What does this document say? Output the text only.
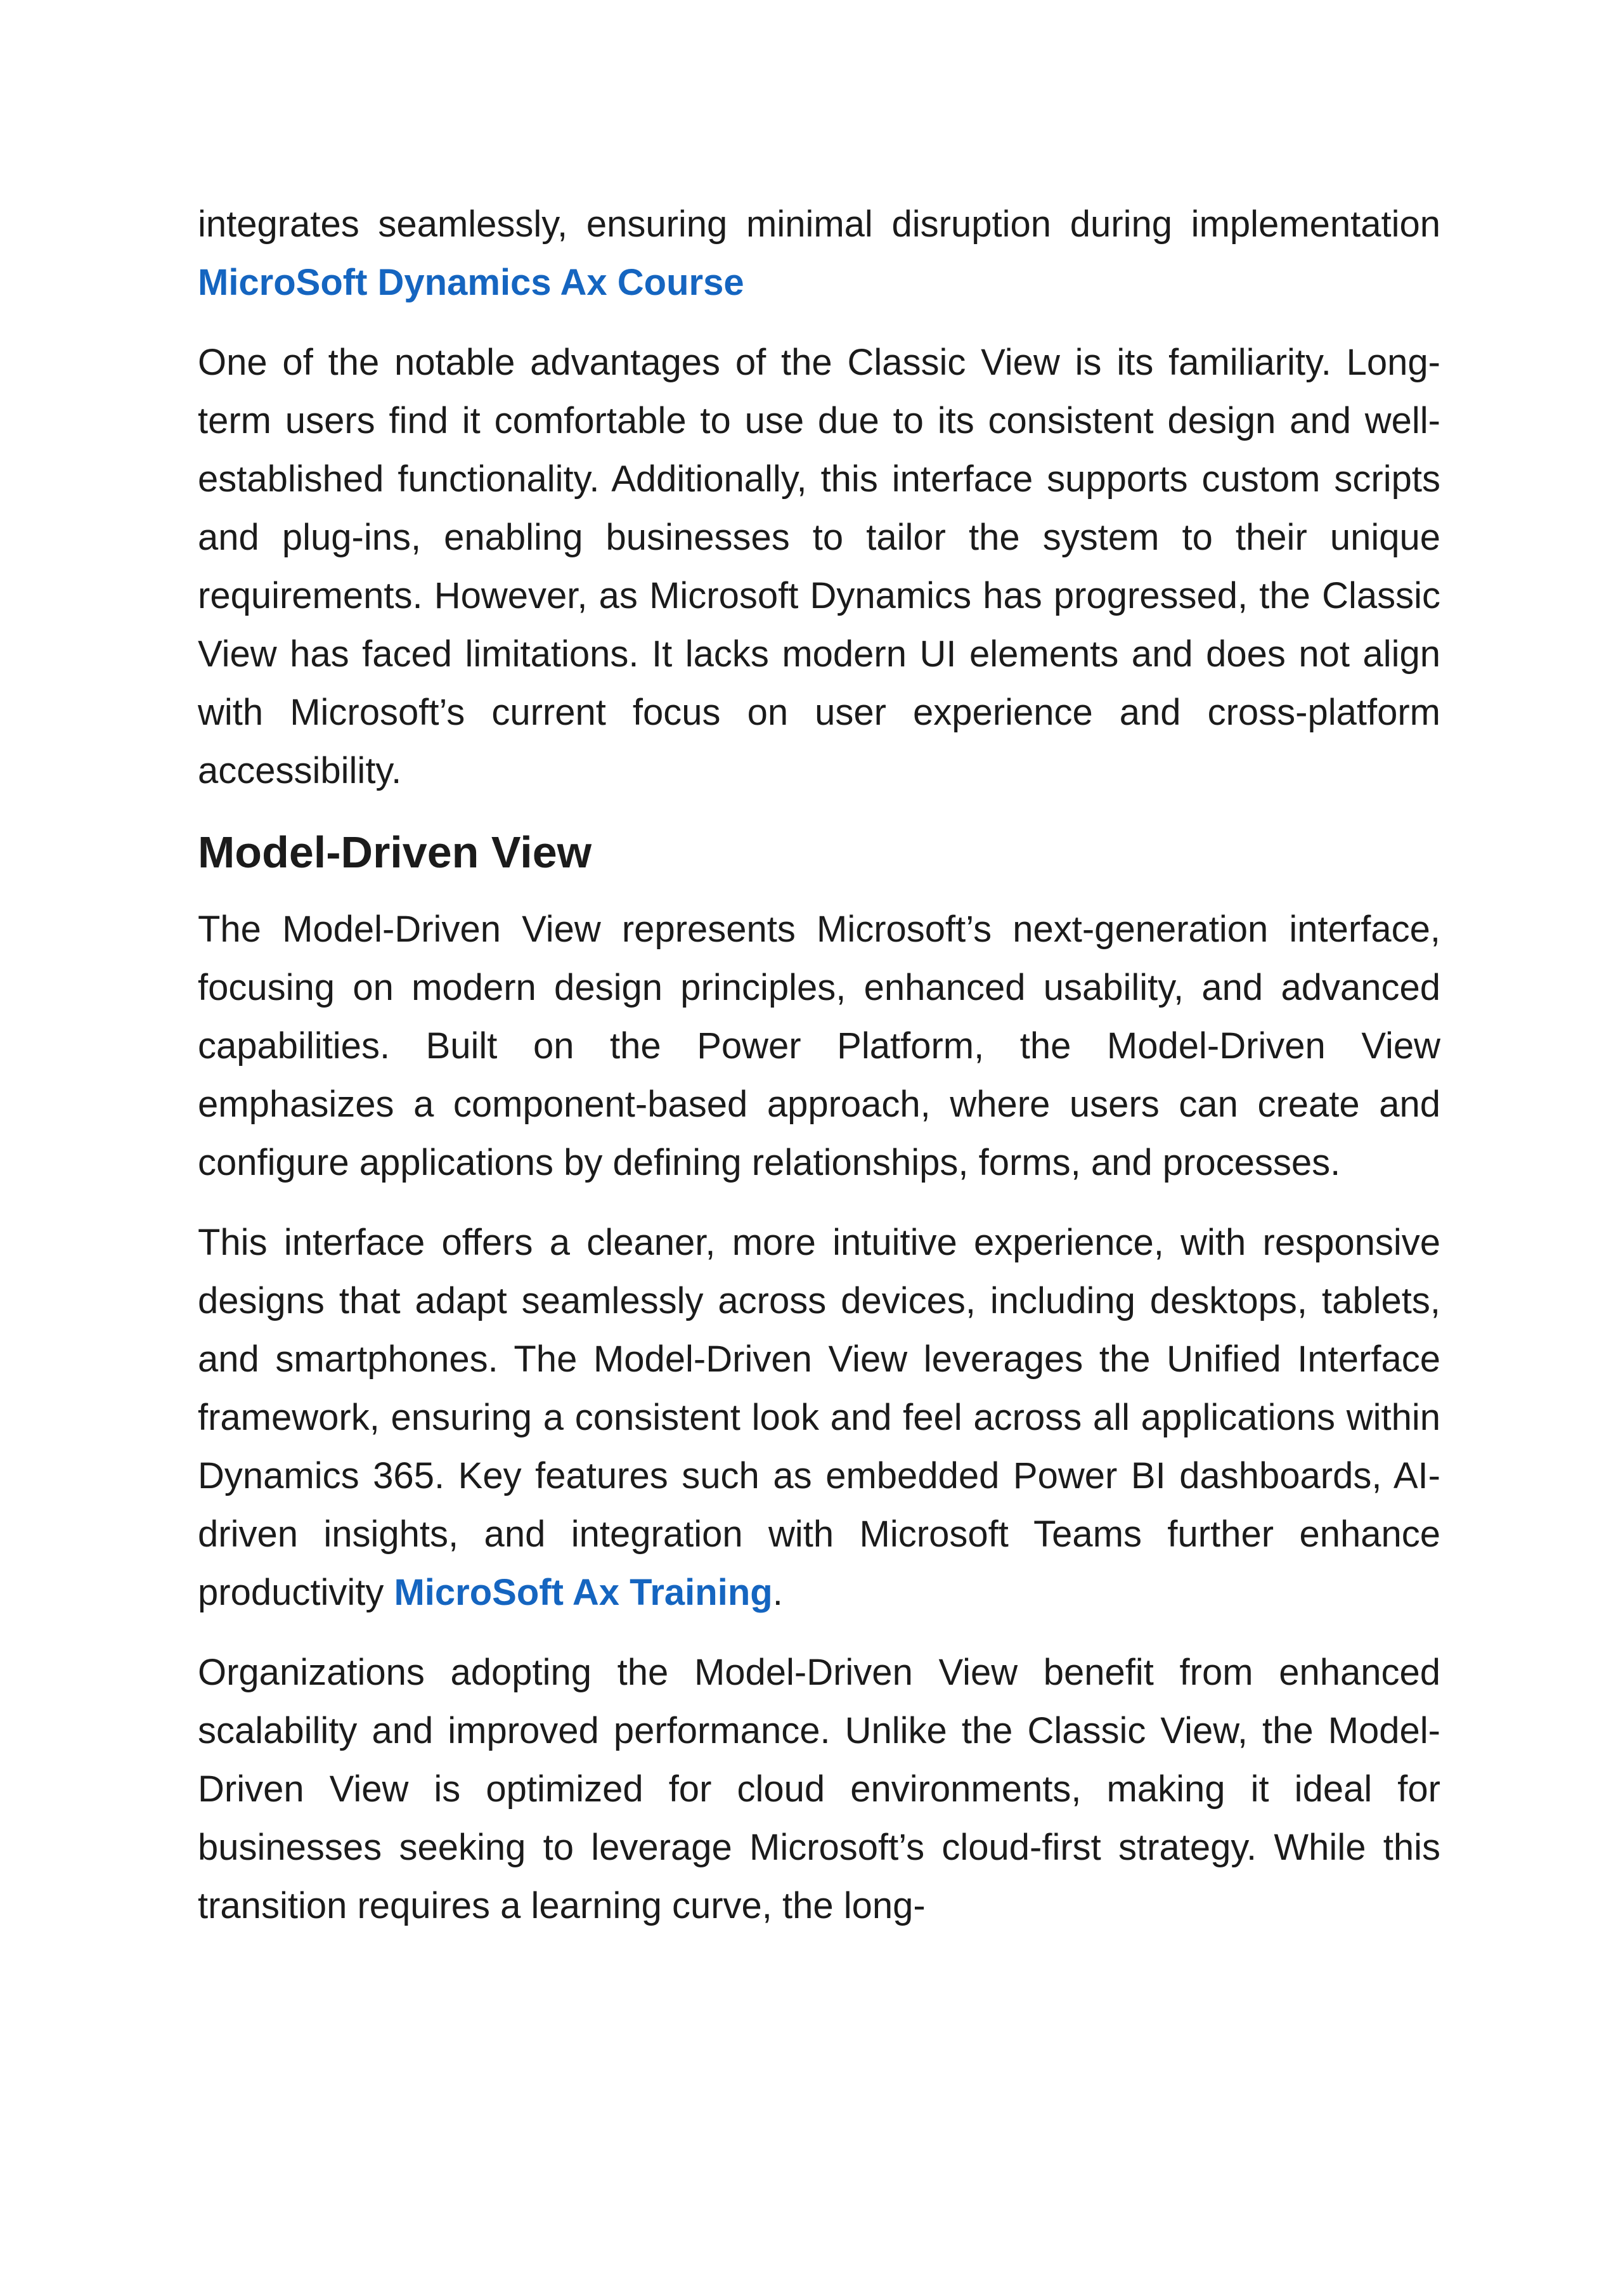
integrates seamlessly, ensuring minimal disruption during implementation MicroSoft Dynamics Ax Course

One of the notable advantages of the Classic View is its familiarity. Long-term users find it comfortable to use due to its consistent design and well-established functionality. Additionally, this interface supports custom scripts and plug-ins, enabling businesses to tailor the system to their unique requirements. However, as Microsoft Dynamics has progressed, the Classic View has faced limitations. It lacks modern UI elements and does not align with Microsoft’s current focus on user experience and cross-platform accessibility.

Model-Driven View

The Model-Driven View represents Microsoft’s next-generation interface, focusing on modern design principles, enhanced usability, and advanced capabilities. Built on the Power Platform, the Model-Driven View emphasizes a component-based approach, where users can create and configure applications by defining relationships, forms, and processes.

This interface offers a cleaner, more intuitive experience, with responsive designs that adapt seamlessly across devices, including desktops, tablets, and smartphones. The Model-Driven View leverages the Unified Interface framework, ensuring a consistent look and feel across all applications within Dynamics 365. Key features such as embedded Power BI dashboards, AI-driven insights, and integration with Microsoft Teams further enhance productivity MicroSoft Ax Training.

Organizations adopting the Model-Driven View benefit from enhanced scalability and improved performance. Unlike the Classic View, the Model-Driven View is optimized for cloud environments, making it ideal for businesses seeking to leverage Microsoft’s cloud-first strategy. While this transition requires a learning curve, the long-
